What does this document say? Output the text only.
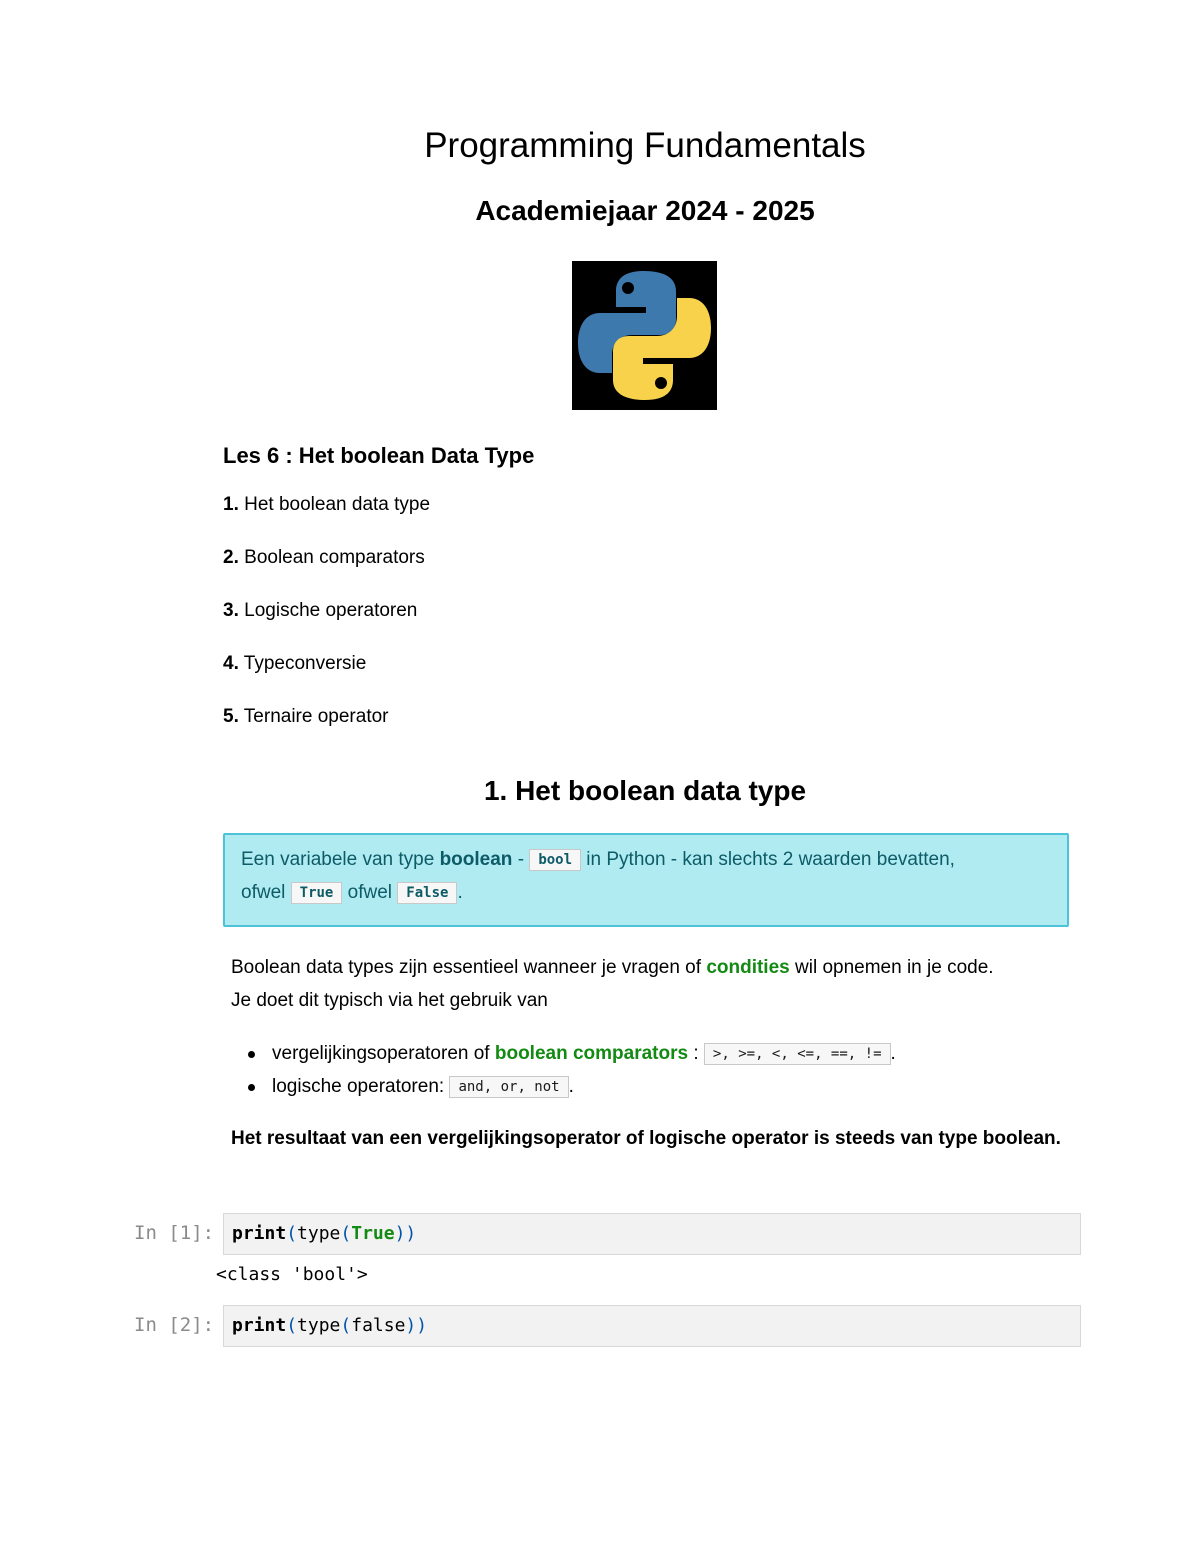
Programming Fundamentals
Academiejaar 2024 - 2025
Les 6 : Het boolean Data Type
1. Het boolean data type
2. Boolean comparators
3. Logische operatoren
4. Typeconversie
5. Ternaire operator
1. Het boolean data type
Een variabele van type boolean - bool in Python - kan slechts 2 waarden bevatten,
ofwel True ofwel False .

Boolean data types zijn essentieel wanneer je vragen of condities wil opnemen in je code.
Je doet dit typisch via het gebruik van

vergelijkingsoperatoren of boolean comparators : >, >=, <, <=, ==, != .
logische operatoren: and, or, not .

Het resultaat van een vergelijkingsoperator of logische operator is steeds van type boolean.

In [1]: print(type(True))
<class 'bool'>
In [2]: print(type(false))
